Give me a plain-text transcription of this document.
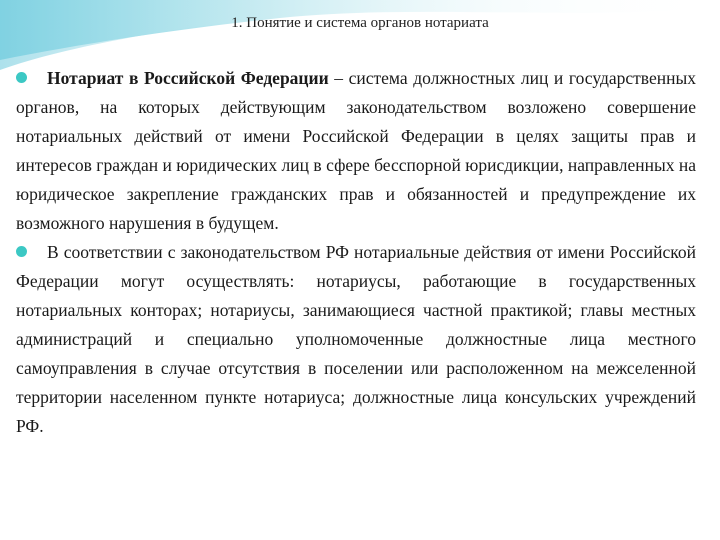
1. Понятие и система органов нотариата

Нотариат в Российской Федерации – система должностных лиц и государственных органов, на которых действующим законодательством возложено совершение нотариальных действий от имени Российской Федерации в целях защиты прав и интересов граждан и юридических лиц в сфере бесспорной юрисдикции, направленных на юридическое закрепление гражданских прав и обязанностей и предупреждение их возможного нарушения в будущем.

В соответствии с законодательством РФ нотариальные действия от имени Российской Федерации могут осуществлять: нотариусы, работающие в государственных нотариальных конторах; нотариусы, занимающиеся частной практикой; главы местных администраций и специально уполномоченные должностные лица местного самоуправления в случае отсутствия в поселении или расположенном на межселенной территории населенном пункте нотариуса; должностные лица консульских учреждений РФ.
